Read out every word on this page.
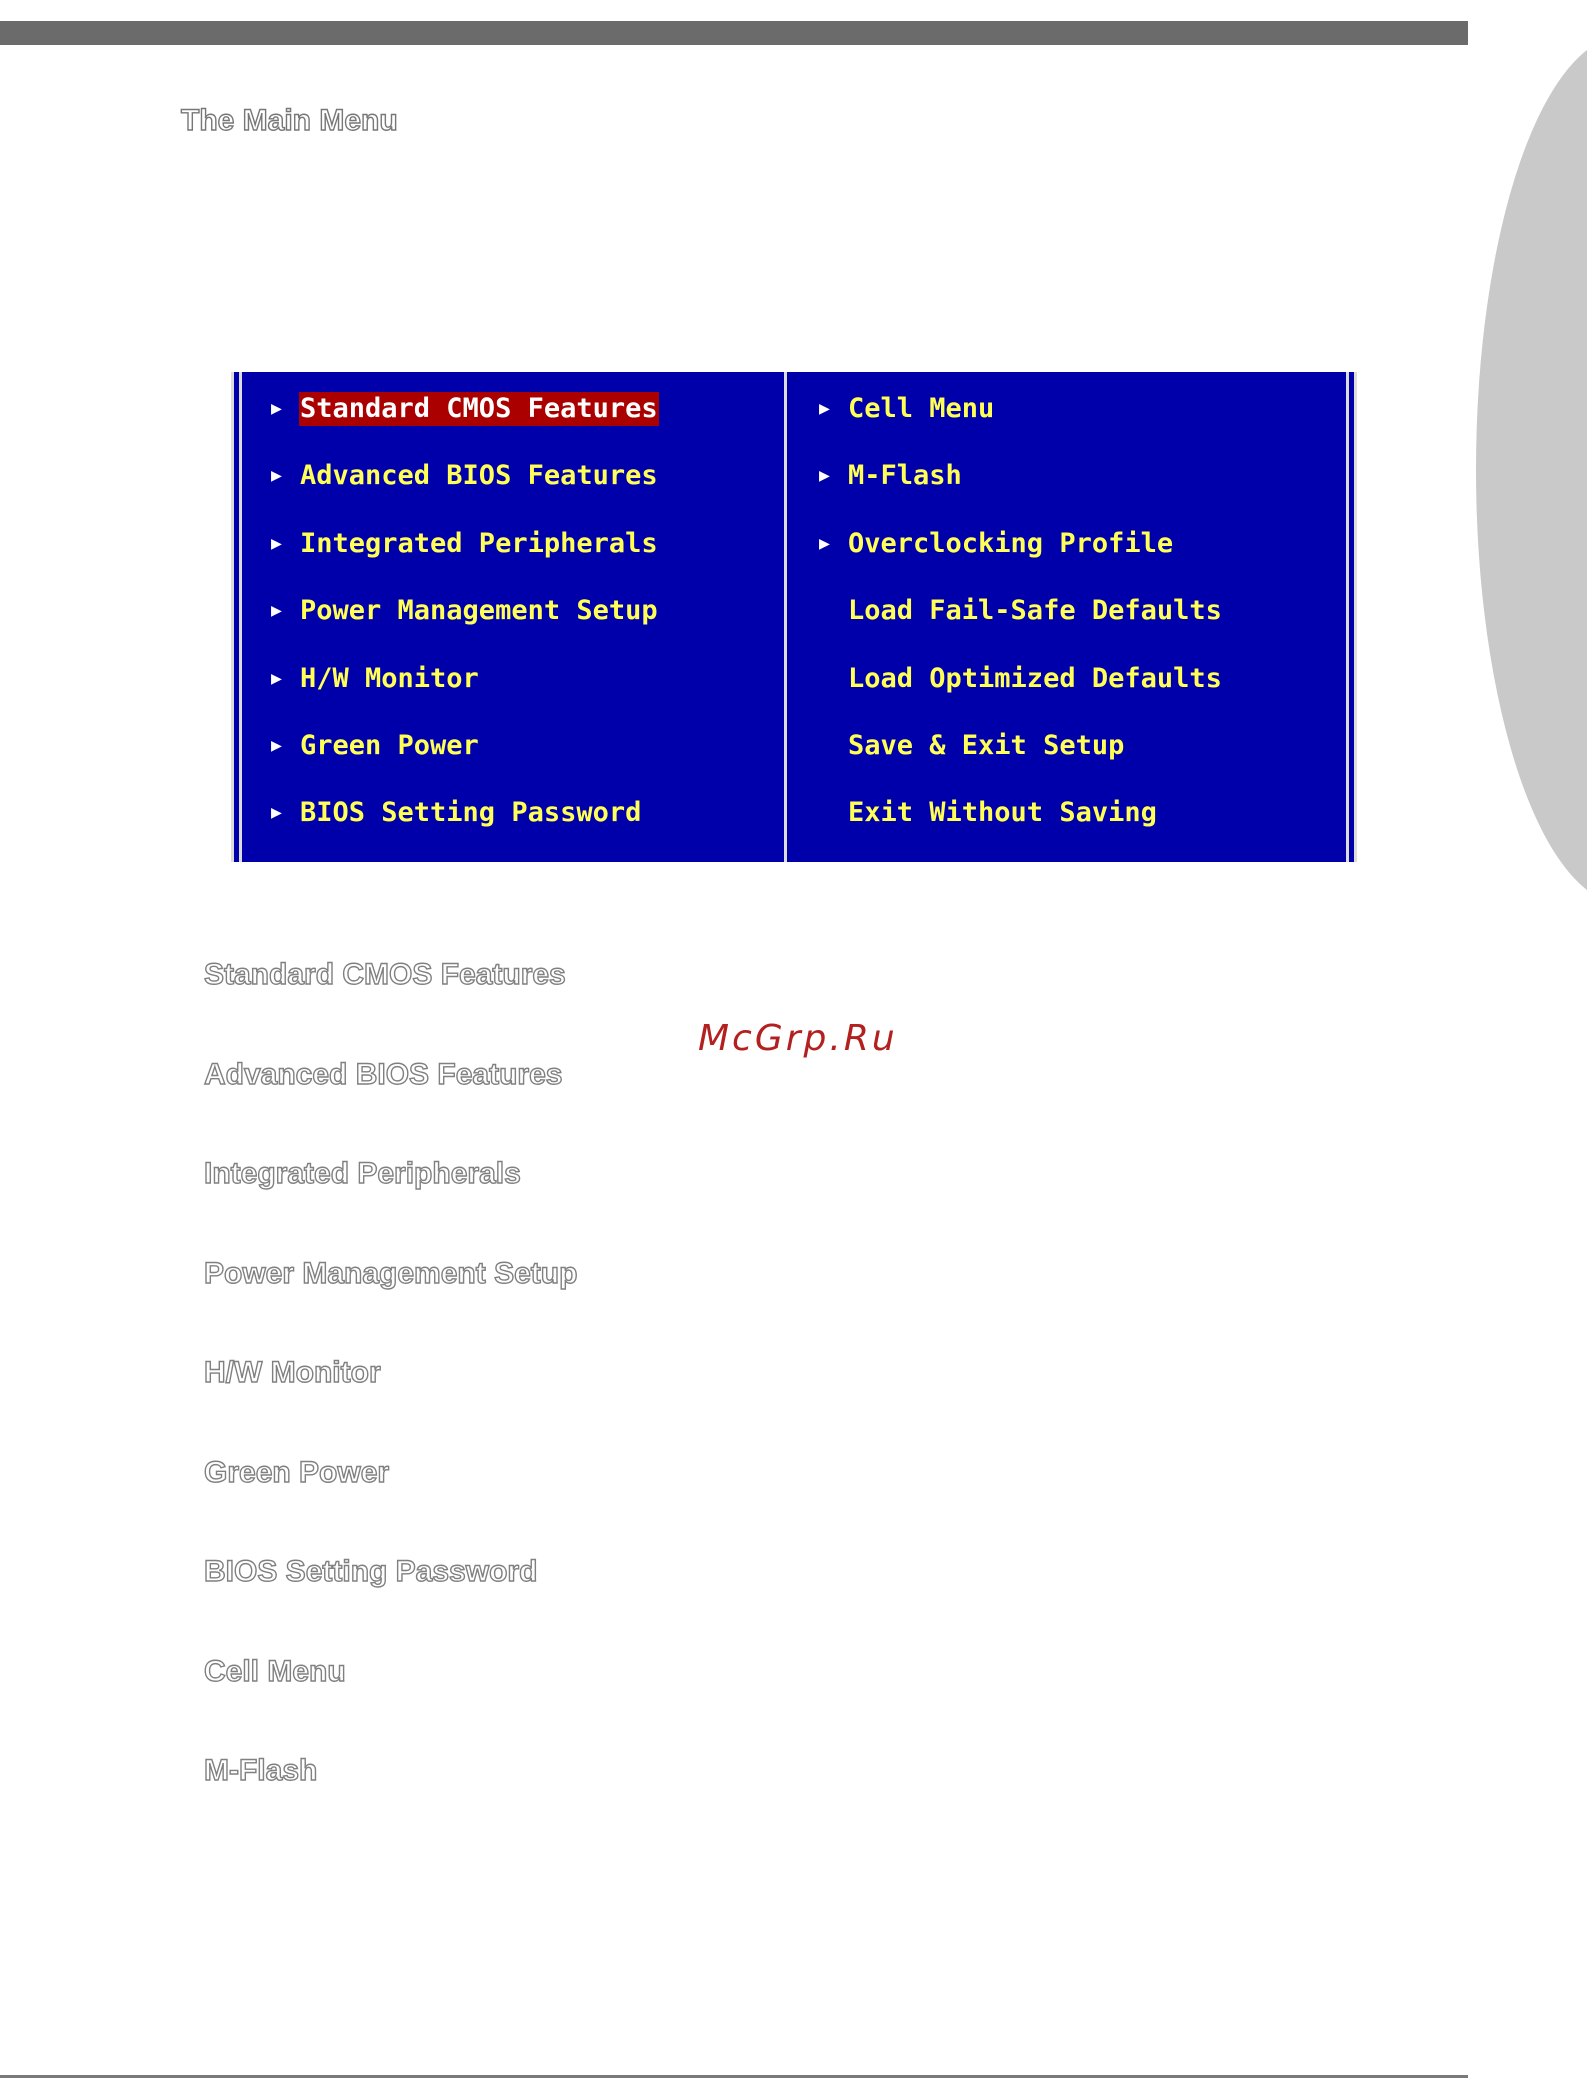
The Main Menu
▶ Standard CMOS Features
▶ Advanced BIOS Features
▶ Integrated Peripherals
▶ Power Management Setup
▶ H/W Monitor
▶ Green Power
▶ BIOS Setting Password
▶ Cell Menu
▶ M-Flash
▶ Overclocking Profile
Load Fail-Safe Defaults
Load Optimized Defaults
Save & Exit Setup
Exit Without Saving
McGrp.Ru
Standard CMOS Features
Advanced BIOS Features
Integrated Peripherals
Power Management Setup
H/W Monitor
Green Power
BIOS Setting Password
Cell Menu
M-Flash
